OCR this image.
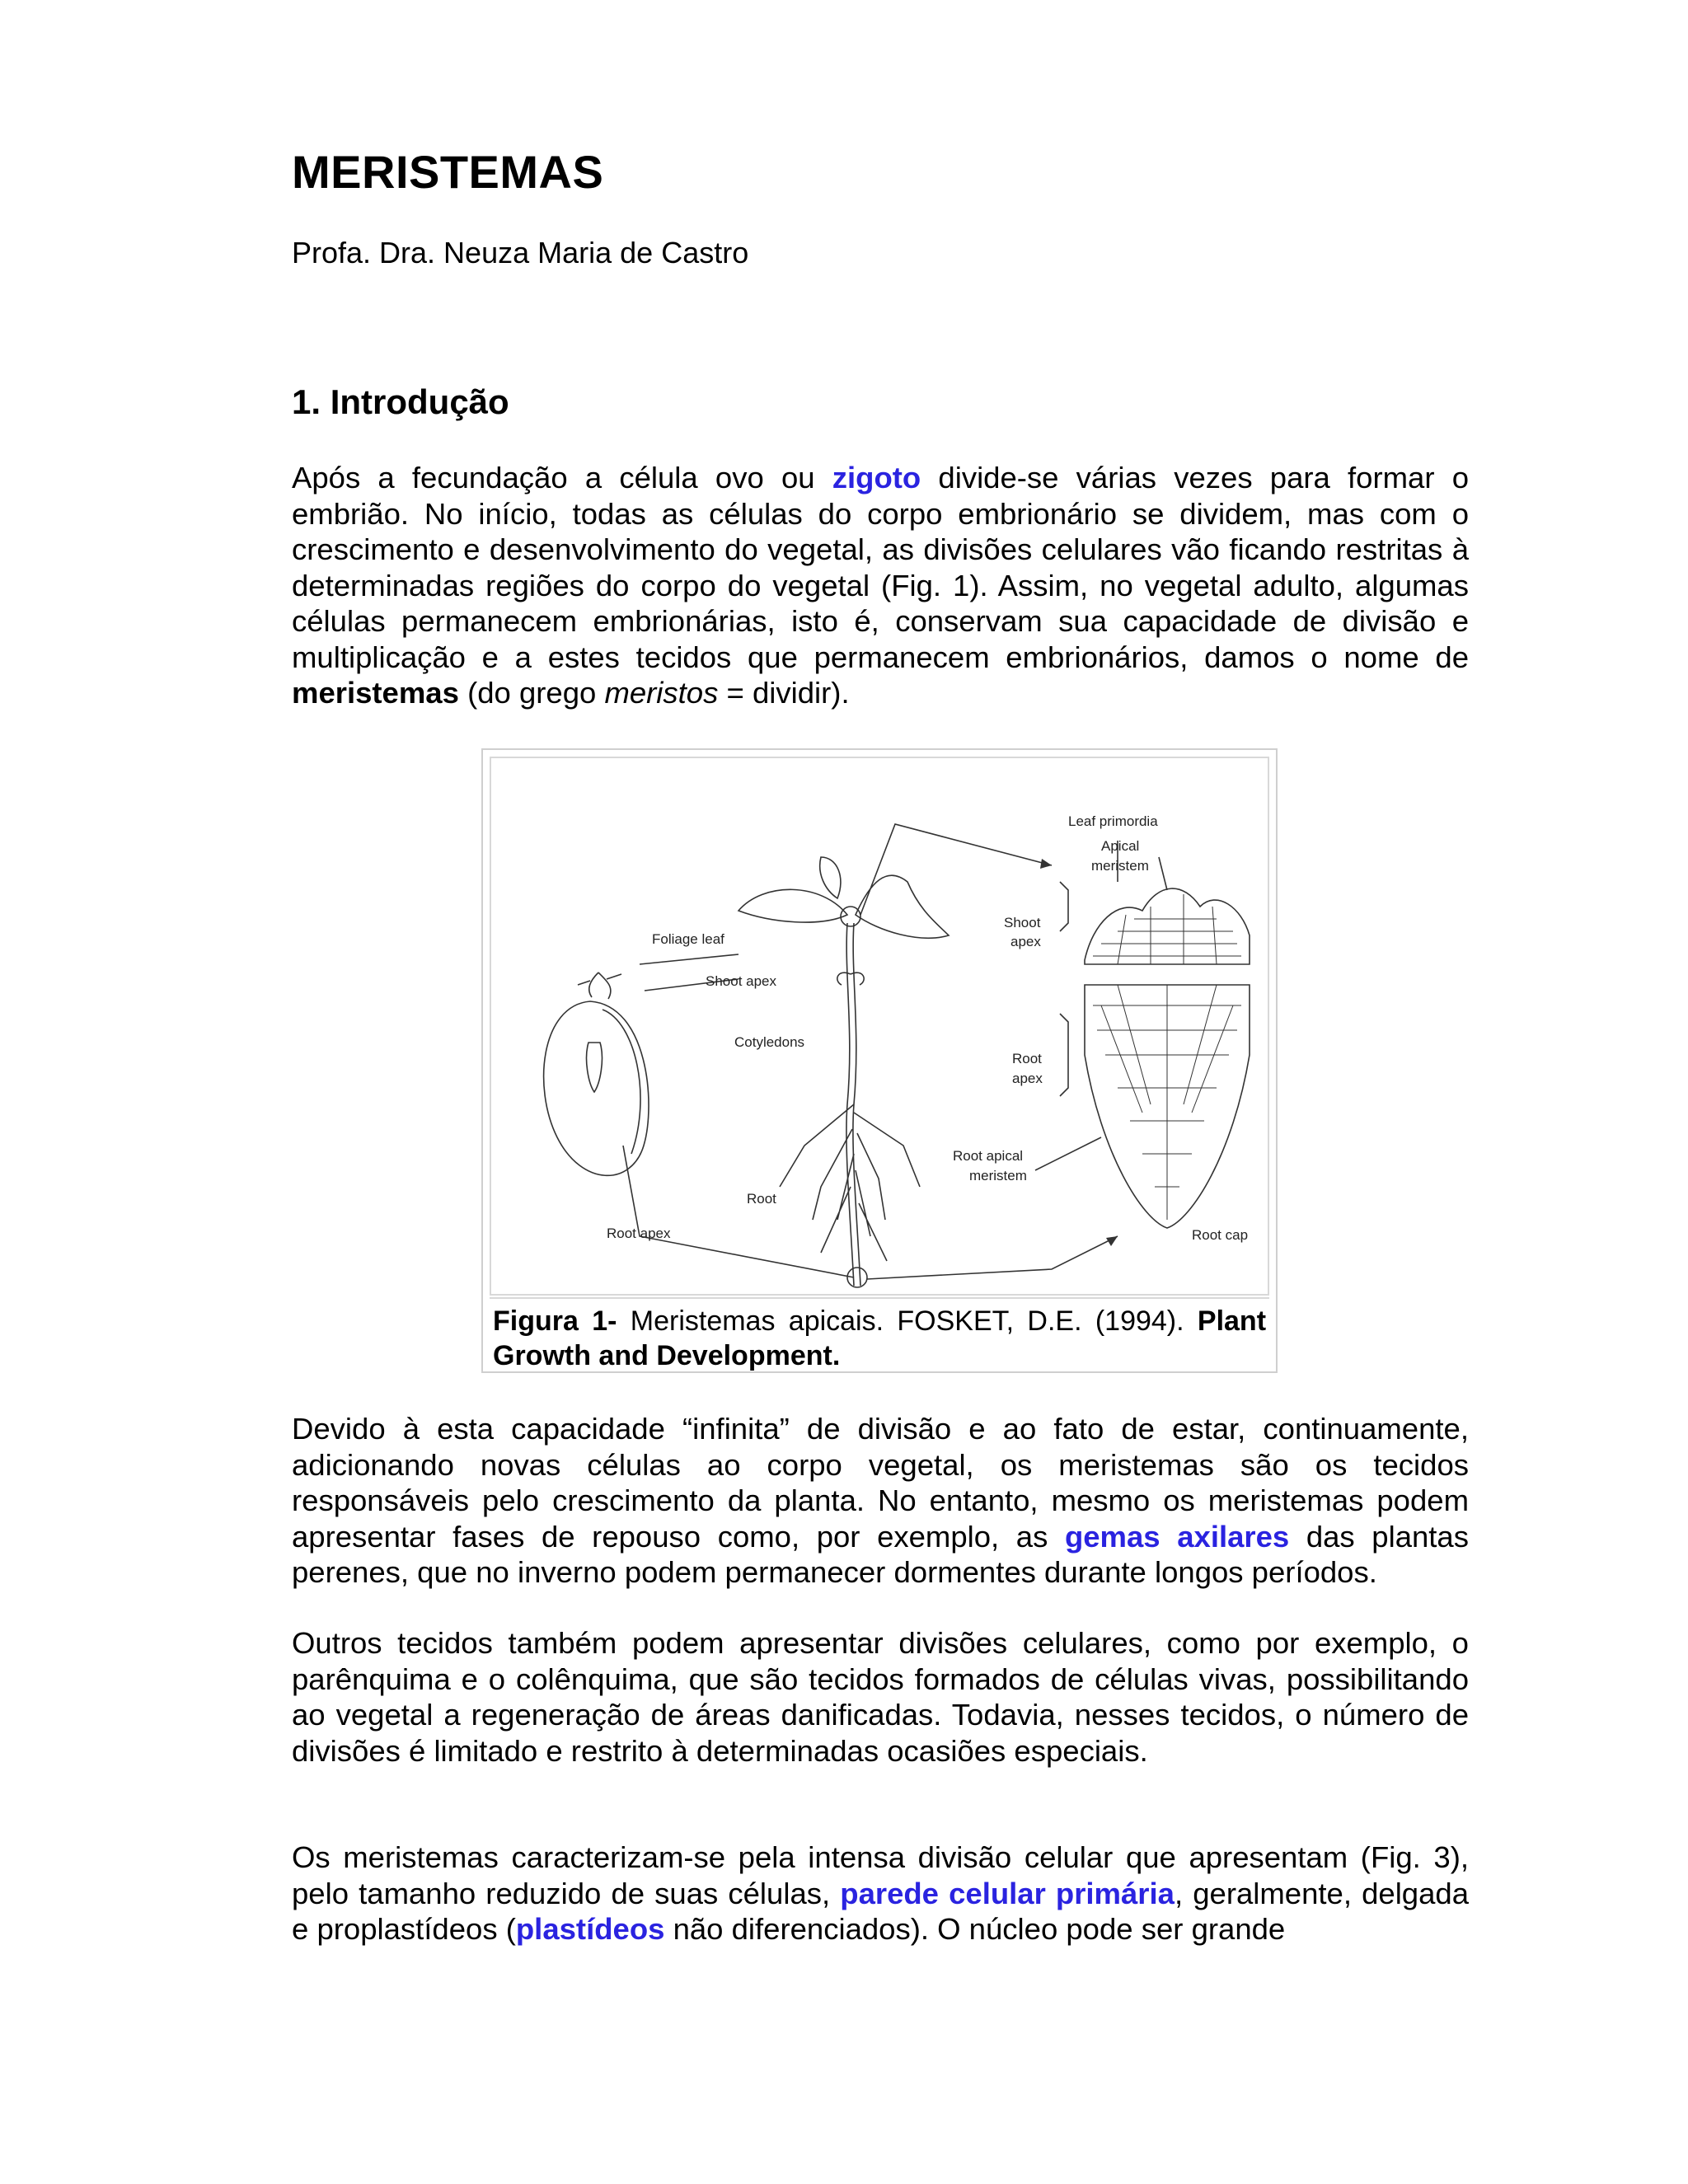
MERISTEMAS

Profa. Dra. Neuza Maria de Castro

1. Introdução

Após a fecundação a célula ovo ou zigoto divide-se várias vezes para formar o embrião. No início, todas as células do corpo embrionário se dividem, mas com o crescimento e desenvolvimento do vegetal, as divisões celulares vão ficando restritas à determinadas regiões do corpo do vegetal (Fig. 1). Assim, no vegetal adulto, algumas células permanecem embrionárias, isto é, conservam sua capacidade de divisão e multiplicação e a estes tecidos que permanecem embrionários, damos o nome de meristemas (do grego meristos = dividir).

Leaf primordia
Apical
meristem
Shoot
apex
Foliage leaf
Shoot apex
Cotyledons
Root
apex
Root apical
meristem
Root
Root apex	Root cap
Figura 1- Meristemas apicais. FOSKET, D.E. (1994). Plant Growth and Development.

Devido à esta capacidade “infinita” de divisão e ao fato de estar, continuamente, adicionando novas células ao corpo vegetal, os meristemas são os tecidos responsáveis pelo crescimento da planta. No entanto, mesmo os meristemas podem apresentar fases de repouso como, por exemplo, as gemas axilares das plantas perenes, que no inverno podem permanecer dormentes durante longos períodos.

Outros tecidos também podem apresentar divisões celulares, como por exemplo, o parênquima e o colênquima, que são tecidos formados de células vivas, possibilitando ao vegetal a regeneração de áreas danificadas. Todavia, nesses tecidos, o número de divisões é limitado e restrito à determinadas ocasiões especiais.

Os meristemas caracterizam-se pela intensa divisão celular que apresentam (Fig. 3), pelo tamanho reduzido de suas células, parede celular primária, geralmente, delgada e proplastídeos (plastídeos não diferenciados). O núcleo pode ser grande
